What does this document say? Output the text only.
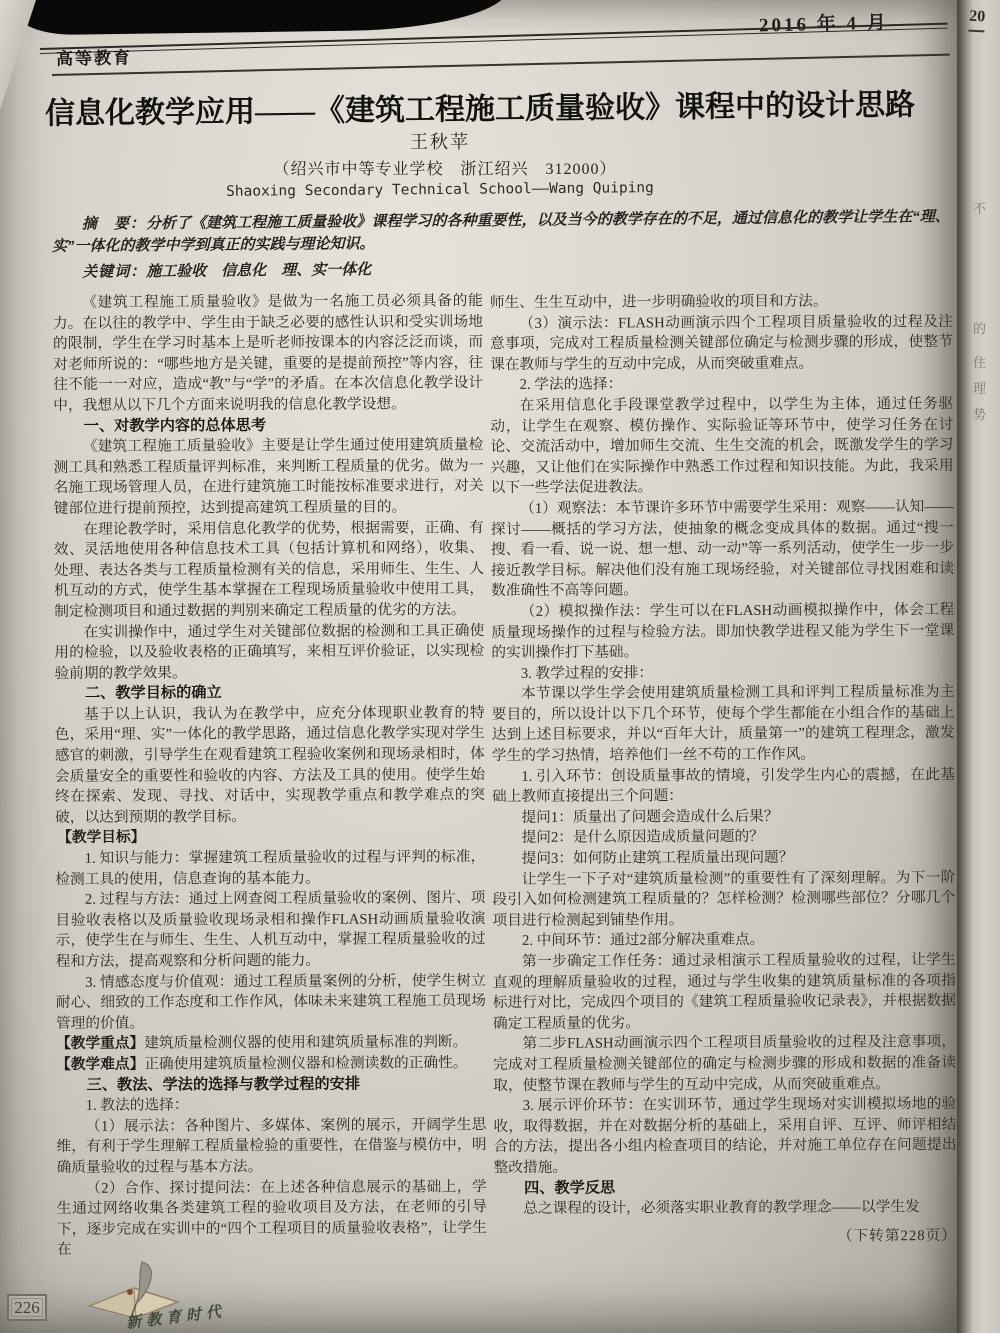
2016 年 4 月
高等教育
信息化教学应用——《建筑工程施工质量验收》课程中的设计思路
王秋苹
（绍兴市中等专业学校　浙江绍兴　312000）
Shaoxing Secondary Technical School——Wang Quiping

摘　要：分析了《建筑工程施工质量验收》课程学习的各种重要性，以及当今的教学存在的不足，通过信息化的教学让学生在“理、实”一体化的教学中学到真正的实践与理论知识。

关键词：施工验收　信息化　理、实一体化

《建筑工程施工质量验收》是做为一名施工员必须具备的能力。在以往的教学中、学生由于缺乏必要的感性认识和受实训场地的限制，学生在学习时基本上是听老师按课本的内容泛泛而谈，而对老师所说的：“哪些地方是关键，重要的是提前预控”等内容，往往不能一一对应，造成“教”与“学”的矛盾。在本次信息化教学设计中，我想从以下几个方面来说明我的信息化教学设想。

一、对教学内容的总体思考

《建筑工程施工质量验收》主要是让学生通过使用建筑质量检测工具和熟悉工程质量评判标准，来判断工程质量的优劣。做为一名施工现场管理人员，在进行建筑施工时能按标准要求进行，对关键部位进行提前预控，达到提高建筑工程质量的目的。

在理论教学时，采用信息化教学的优势，根据需要，正确、有效、灵活地使用各种信息技术工具（包括计算机和网络），收集、处理、表达各类与工程质量检测有关的信息，采用师生、生生、人机互动的方式，使学生基本掌握在工程现场质量验收中使用工具，制定检测项目和通过数据的判别来确定工程质量的优劣的方法。

在实训操作中，通过学生对关键部位数据的检测和工具正确使用的检验，以及验收表格的正确填写，来相互评价验证，以实现检验前期的教学效果。

二、教学目标的确立

基于以上认识，我认为在教学中，应充分体现职业教育的特色，采用“理、实”一体化的教学思路，通过信息化教学实现对学生感官的刺激，引导学生在观看建筑工程验收案例和现场录相时，体会质量安全的重要性和验收的内容、方法及工具的使用。使学生始终在探索、发现、寻找、对话中，实现教学重点和教学难点的突破，以达到预期的教学目标。

【教学目标】

1. 知识与能力：掌握建筑工程质量验收的过程与评判的标准，检测工具的使用，信息查询的基本能力。

2. 过程与方法：通过上网查阅工程质量验收的案例、图片、项目验收表格以及质量验收现场录相和操作FLASH动画质量验收演示，使学生在与师生、生生、人机互动中，掌握工程质量验收的过程和方法，提高观察和分析问题的能力。

3. 情感态度与价值观：通过工程质量案例的分析，使学生树立耐心、细致的工作态度和工作作风，体味未来建筑工程施工员现场管理的价值。

【教学重点】建筑质量检测仪器的使用和建筑质量标准的判断。

【教学难点】正确使用建筑质量检测仪器和检测读数的正确性。

三、教法、学法的选择与教学过程的安排

1. 教法的选择：

（1）展示法：各种图片、多媒体、案例的展示，开阔学生思维，有利于学生理解工程质量检验的重要性，在借鉴与模仿中，明确质量验收的过程与基本方法。

（2）合作、探讨提问法：在上述各种信息展示的基础上，学生通过网络收集各类建筑工程的验收项目及方法，在老师的引导下，逐步完成在实训中的“四个工程项目的质量验收表格”，让学生在

师生、生生互动中，进一步明确验收的项目和方法。

（3）演示法：FLASH动画演示四个工程项目质量验收的过程及注意事项，完成对工程质量检测关键部位确定与检测步骤的形成，使整节课在教师与学生的互动中完成，从而突破重难点。

2. 学法的选择：

在采用信息化手段课堂教学过程中，以学生为主体，通过任务驱动，让学生在观察、模仿操作、实际验证等环节中，使学习任务在讨论、交流活动中，增加师生交流、生生交流的机会，既激发学生的学习兴趣，又让他们在实际操作中熟悉工作过程和知识技能。为此，我采用以下一些学法促进教法。

（1）观察法：本节课许多环节中需要学生采用：观察——认知——探讨——概括的学习方法，使抽象的概念变成具体的数据。通过“搜一搜、看一看、说一说、想一想、动一动”等一系列活动，使学生一步一步接近教学目标。解决他们没有施工现场经验，对关键部位寻找困难和读数准确性不高等问题。

（2）模拟操作法：学生可以在FLASH动画模拟操作中，体会工程质量现场操作的过程与检验方法。即加快教学进程又能为学生下一堂课的实训操作打下基础。

3. 教学过程的安排：

本节课以学生学会使用建筑质量检测工具和评判工程质量标准为主要目的，所以设计以下几个环节，使每个学生都能在小组合作的基础上达到上述目标要求，并以“百年大计，质量第一”的建筑工程理念，激发学生的学习热情，培养他们一丝不苟的工作作风。

1. 引入环节：创设质量事故的情境，引发学生内心的震撼，在此基础上教师直接提出三个问题：

提问1：质量出了问题会造成什么后果？

提问2：是什么原因造成质量问题的？

提问3：如何防止建筑工程质量出现问题？

让学生一下子对“建筑质量检测”的重要性有了深刻理解。为下一阶段引入如何检测建筑工程质量的？怎样检测？检测哪些部位？分哪几个项目进行检测起到铺垫作用。

2. 中间环节：通过2部分解决重难点。

第一步确定工作任务：通过录相演示工程质量验收的过程，让学生直观的理解质量验收的过程，通过与学生收集的建筑质量标准的各项指标进行对比，完成四个项目的《建筑工程质量验收记录表》，并根据数据确定工程质量的优劣。

第二步FLASH动画演示四个工程项目质量验收的过程及注意事项，完成对工程质量检测关键部位的确定与检测步骤的形成和数据的准备读取，使整节课在教师与学生的互动中完成，从而突破重难点。

3. 展示评价环节：在实训环节，通过学生现场对实训模拟场地的验收，取得数据，并在对数据分析的基础上，采用自评、互评、师评相结合的方法，提出各小组内检查项目的结论，并对施工单位存在问题提出整改措施。

四、教学反思

总之课程的设计，必须落实职业教育的教学理念——以学生发

（下转第228页）

226	新教育时代
20
不
的
住
理
势
